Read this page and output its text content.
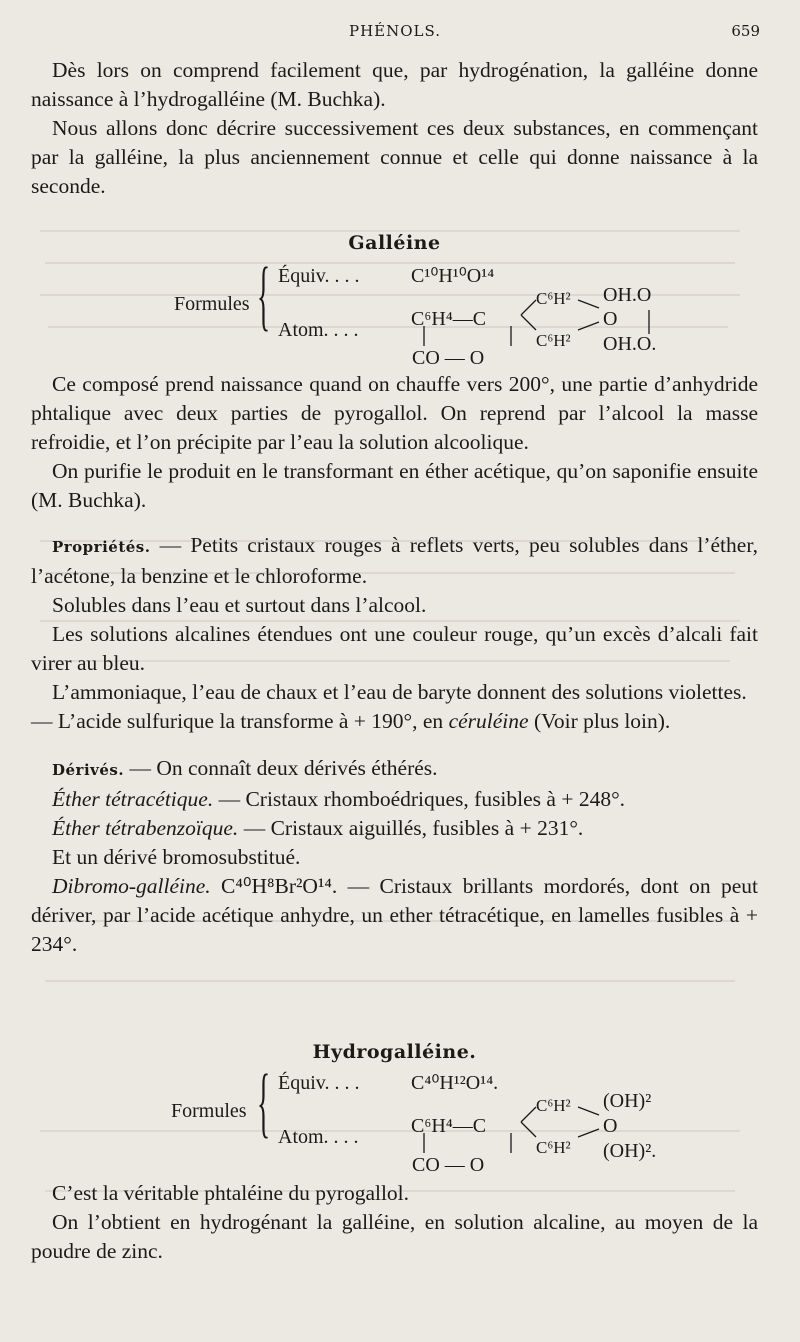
PHÉNOLS.	659

Dès lors on comprend facilement que, par hydrogénation, la galléine donne naissance à l’hydrogalléine (M. Buchka).

Nous allons donc décrire successivement ces deux substances, en commençant par la galléine, la plus anciennement connue et celle qui donne naissance à la seconde.

Galléine
Formules { Équiv. . . .	C¹⁰H¹⁰O¹⁴
Atom. . . .	C⁶H⁴—C
C⁶H²
C⁶H²
OH.O
O
OH.O.
CO — O

Ce composé prend naissance quand on chauffe vers 200°, une partie d’anhydride phtalique avec deux parties de pyrogallol. On reprend par l’alcool la masse refroidie, et l’on précipite par l’eau la solution alcoolique.

On purifie le produit en le transformant en éther acétique, qu’on saponifie ensuite (M. Buchka).

Propriétés. — Petits cristaux rouges à reflets verts, peu solubles dans l’éther, l’acétone, la benzine et le chloroforme.

Solubles dans l’eau et surtout dans l’alcool.

Les solutions alcalines étendues ont une couleur rouge, qu’un excès d’alcali fait virer au bleu.

L’ammoniaque, l’eau de chaux et l’eau de baryte donnent des solutions violettes.

— L’acide sulfurique la transforme à + 190°, en céruléine (Voir plus loin).

Dérivés. — On connaît deux dérivés éthérés.

Éther tétracétique. — Cristaux rhomboédriques, fusibles à + 248°.

Éther tétrabenzoïque. — Cristaux aiguillés, fusibles à + 231°.

Et un dérivé bromosubstitué.

Dibromo-galléine. C⁴⁰H⁸Br²O¹⁴. — Cristaux brillants mordorés, dont on peut dériver, par l’acide acétique anhydre, un ether tétracétique, en lamelles fusibles à + 234°.

Hydrogalléine.
Formules { Équiv. . . .	C⁴⁰H¹²O¹⁴.
Atom. . . .	C⁶H⁴—C
C⁶H²
C⁶H²
(OH)²
O
(OH)².
CO — O

C’est la véritable phtaléine du pyrogallol.

On l’obtient en hydrogénant la galléine, en solution alcaline, au moyen de la poudre de zinc.
